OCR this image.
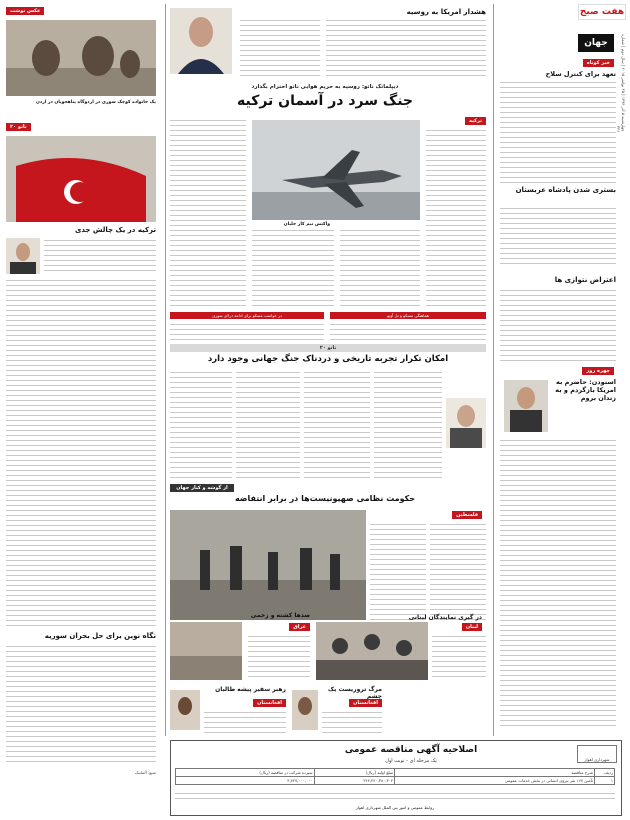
هفت صبح
چهارشنبه ۵ آذر ۱۳۹۴ | ۲۵ نوامبر ۲۰۱۵ | سال دوم | شماره ۳۴۶
جهان
خبر کوتاه
تعهد برای کنترل سلاح
بستری شدن پادشاه عربستان
اعتراض نتوازی ها
چهره روز
اسنودن: حاضرم به امریکا بازگردم و به زندان بروم
هشدار امریکا به روسیه
دیپلماتک ناتو: روسیه به حریم هوایی ناتو احترام بگذارد
جنگ سرد در آسمان ترکیه
ترکیه
واکنش نیم کار خلبان
هماهنگی مسکو و تل آویو
در خواست مسکو برای ادامه درلای سوری
ناتو ۲۰
امکان تکرار تجربه تاریخی و دردناک جنگ جهانی وجود دارد
از گوشه و کنار جهان
حکومت نظامی صهیونیست‌ها در برابر انتفاضه
فلسطین
لبنان
در گیری نمایندگان لبنانی
عراق
صدها کشته و زخمی
افغانستان
مرگ تروریست یک چشم
افغانستان
رهبر سفیر پیشه طالبان
عکس نوشت
یک خانواده کوچک سوری در اردوگاه پناهجویان در اردن
ناتو ۲۰
ترکیه در یک چالش جدی
نگاه نوین برای حل بحران سوریه
منبع: آلمانیک
شهرداری اهواز
اصلاحیه آگهی مناقصه عمومی
یک مرحله ای - نوبت اول
ردیف	شرح مناقصه	مبلغ اولیه (ریال)	سپرده شرکت در مناقصه (ریال)
۱	تأمین ۱۶۷ نفر نیروی انسانی در بخش خدمات عمومی	۳۶۴,۴۲۰,۳۸۰,۳۰۴	۳,۷۲۷,۰۰۰,۰۰۰
روابط عمومی و امور بین الملل شهرداری اهواز
